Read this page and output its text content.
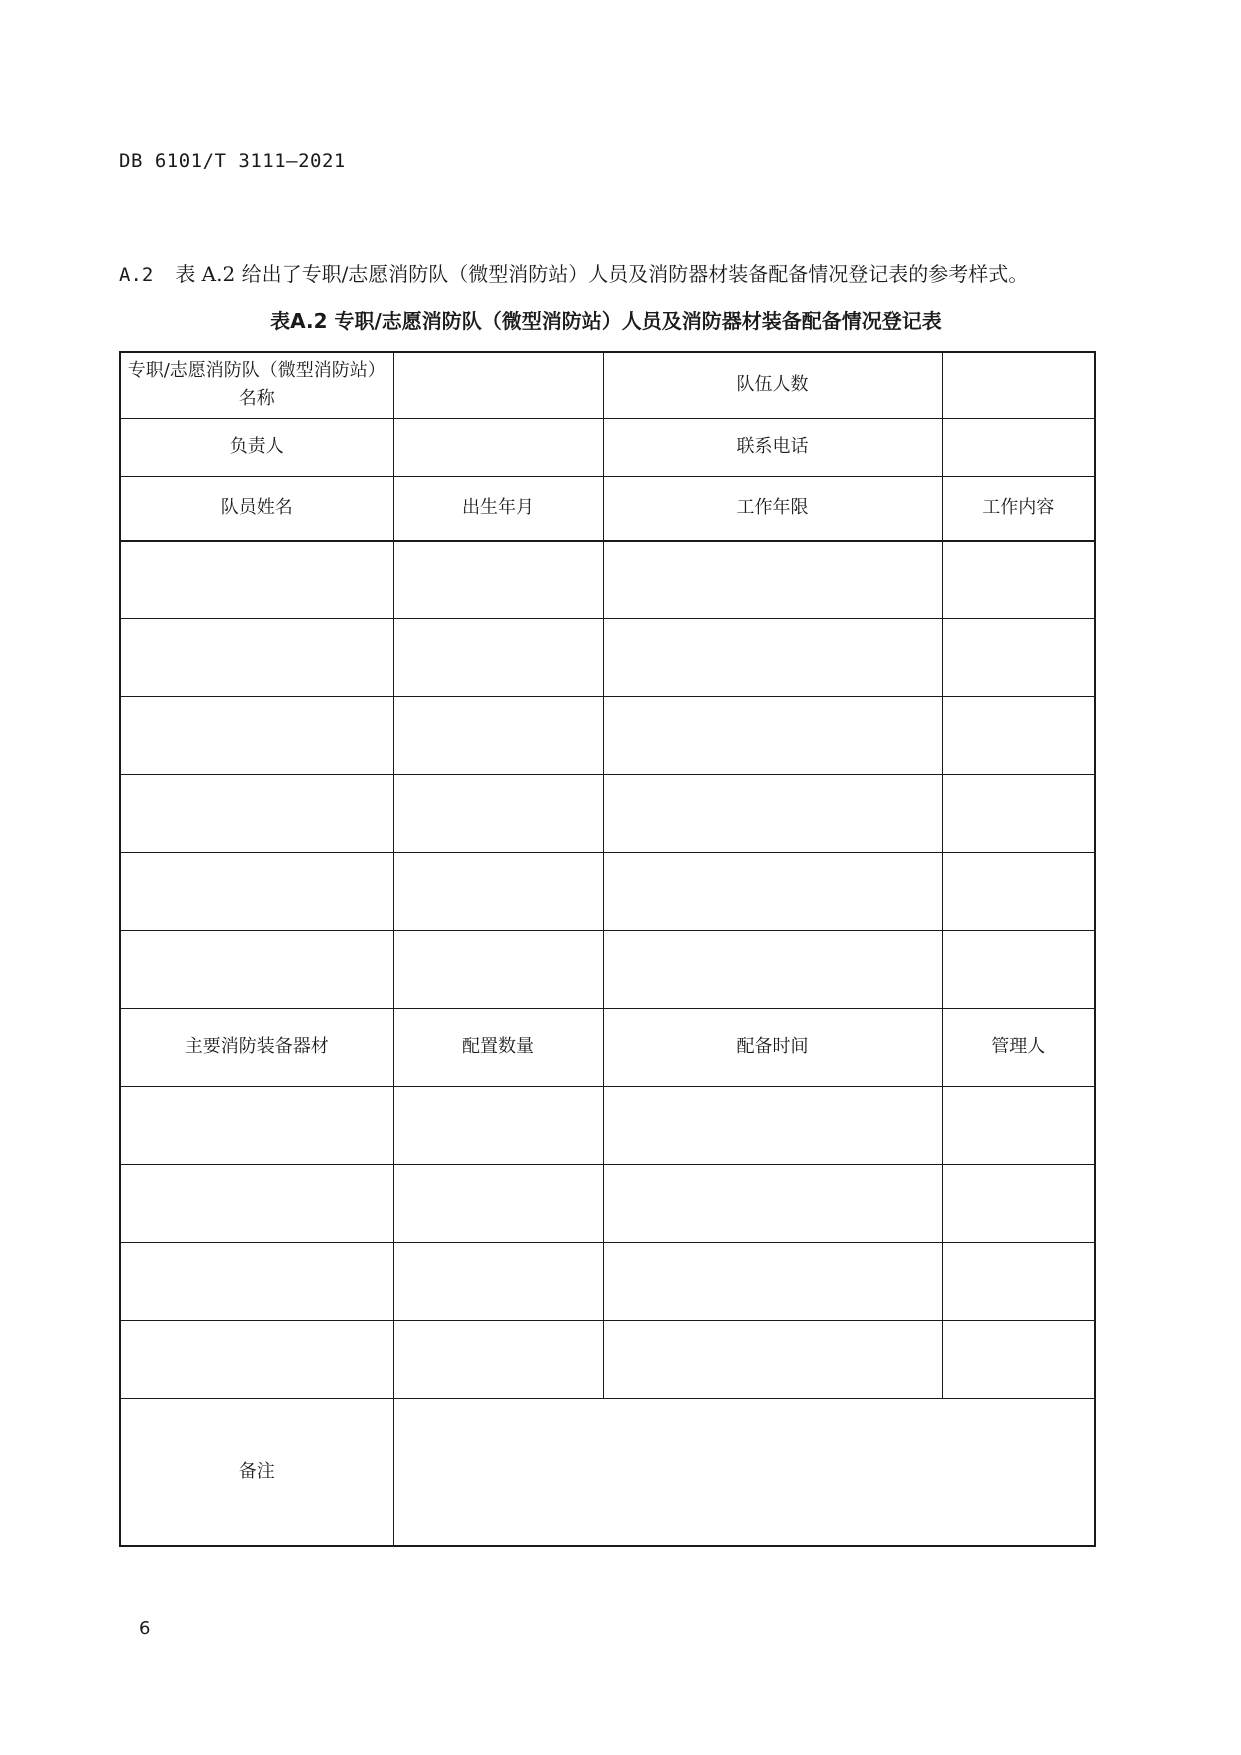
DB 6101/T 3111—2021
A.2 表 A.2 给出了专职/志愿消防队（微型消防站）人员及消防器材装备配备情况登记表的参考样式。
表A.2 专职/志愿消防队（微型消防站）人员及消防器材装备配备情况登记表
专职/志愿消防队（微型消防站）
名称		队伍人数	
负责人		联系电话	
队员姓名	出生年月	工作年限	工作内容

主要消防装备器材	配置数量	配备时间	管理人

备注			
6
